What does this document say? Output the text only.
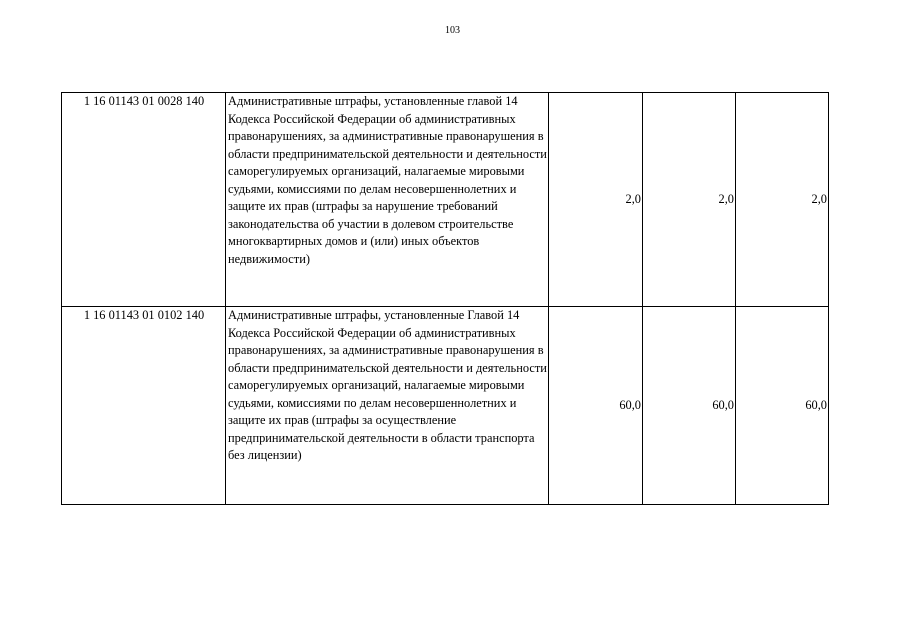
103
1 16 01143 01 0028 140	Административные штрафы, установленные главой 14 Кодекса Российской Федерации об административных правонарушениях, за административные правонарушения в области предпринимательской деятельности и деятельности саморегулируемых организаций, налагаемые мировыми судьями, комиссиями по делам несовершеннолетних и защите их прав (штрафы за нарушение требований законодательства об участии в долевом строительстве многоквартирных домов и (или) иных объектов недвижимости)	2,0	2,0	2,0
1 16 01143 01 0102 140	Административные штрафы, установленные Главой 14 Кодекса Российской Федерации об административных правонарушениях, за административные правонарушения в области предпринимательской деятельности и деятельности саморегулируемых организаций, налагаемые мировыми судьями, комиссиями по делам несовершеннолетних и защите их прав (штрафы за осуществление предпринимательской деятельности в области транспорта без лицензии)	60,0	60,0	60,0
